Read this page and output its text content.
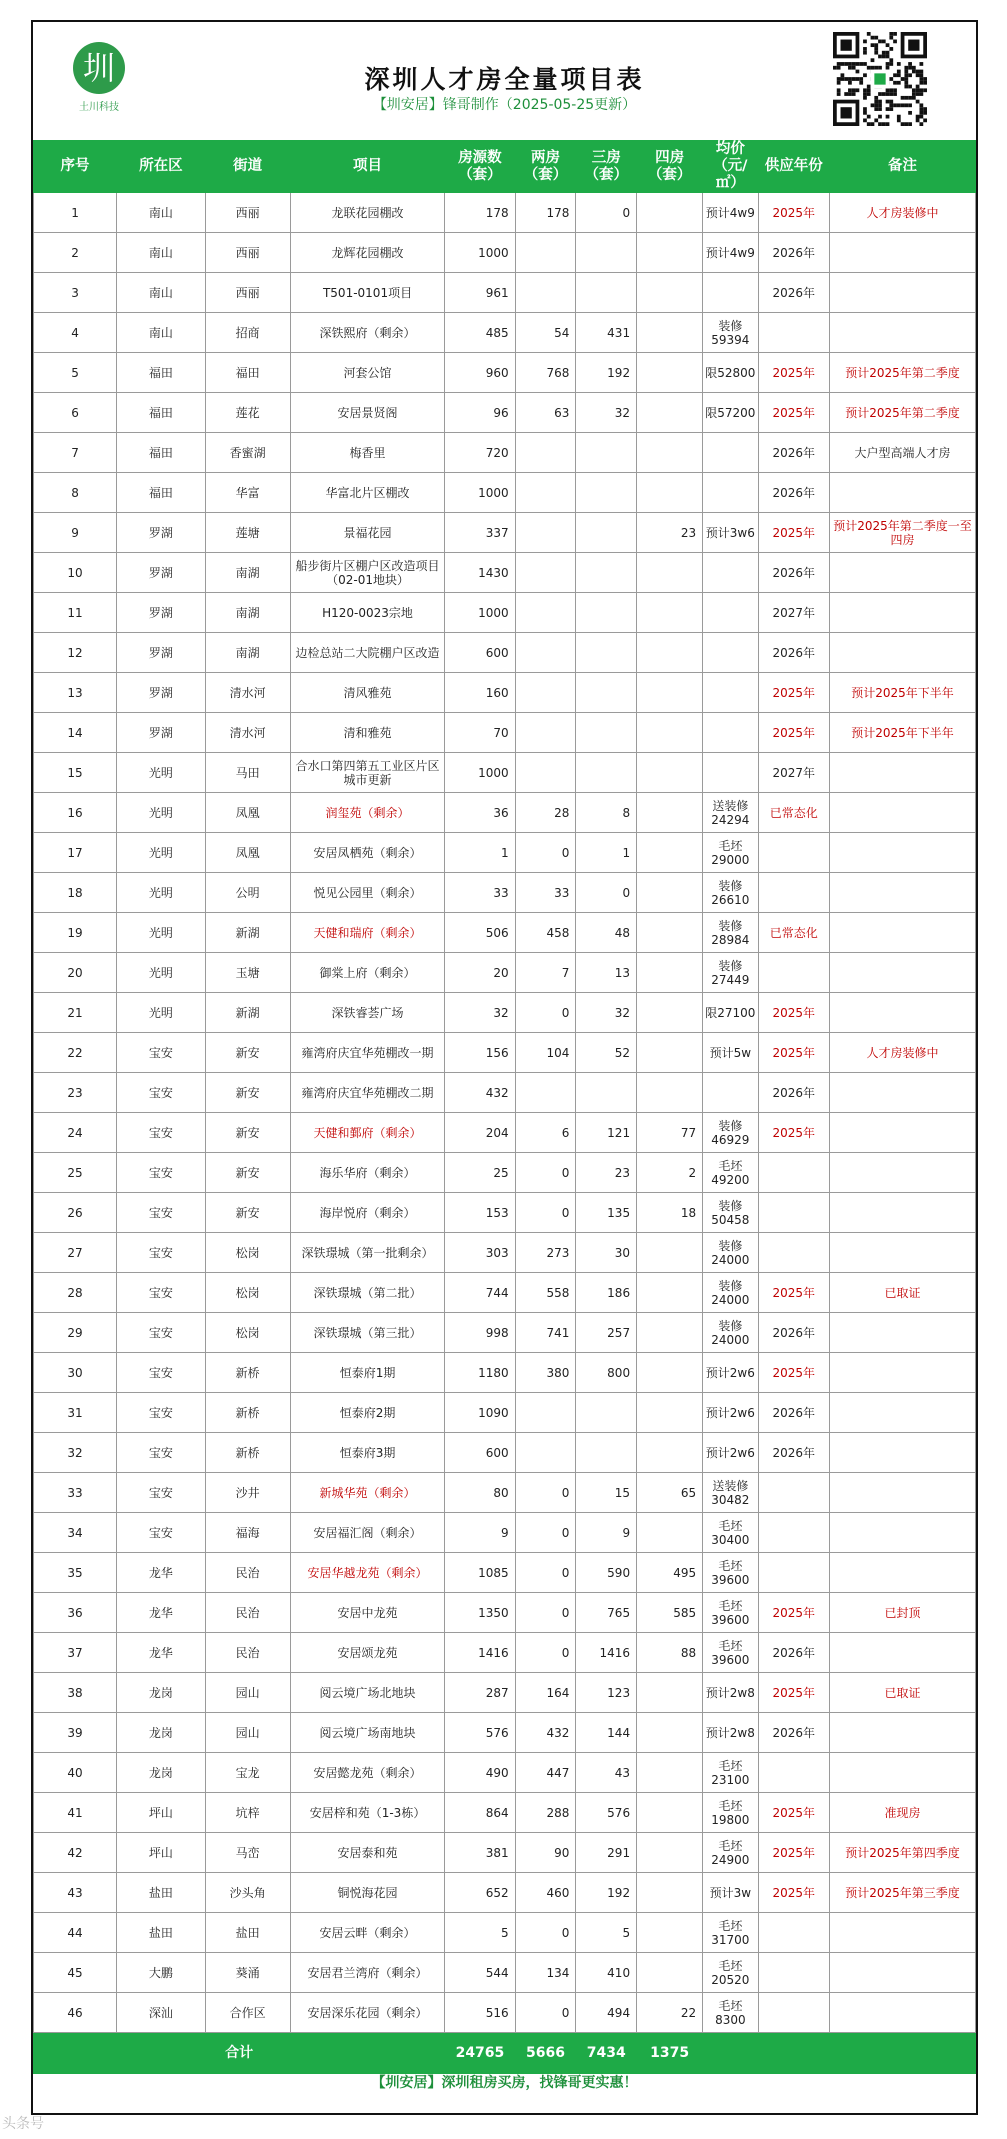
圳
土川科技
深圳人才房全量项目表
【圳安居】锋哥制作（2025-05-25更新）
序号	所在区	街道	项目	房源数（套）	两房（套）	三房（套）	四房（套）	均价（元/㎡）	供应年份	备注
1	南山	西丽	龙联花园棚改	178	178	0		预计4w9	2025年	人才房装修中
2	南山	西丽	龙辉花园棚改	1000				预计4w9	2026年	
3	南山	西丽	T501-0101项目	961					2026年	
4	南山	招商	深铁熙府（剩余）	485	54	431		装修59394		
5	福田	福田	河套公馆	960	768	192		限52800	2025年	预计2025年第二季度
6	福田	莲花	安居景贤阁	96	63	32		限57200	2025年	预计2025年第二季度
7	福田	香蜜湖	梅香里	720					2026年	大户型高端人才房
8	福田	华富	华富北片区棚改	1000					2026年	
9	罗湖	莲塘	景福花园	337			23	预计3w6	2025年	预计2025年第二季度一至四房
10	罗湖	南湖	船步街片区棚户区改造项目（02-01地块）	1430					2026年	
11	罗湖	南湖	H120-0023宗地	1000					2027年	
12	罗湖	南湖	边检总站二大院棚户区改造	600					2026年	
13	罗湖	清水河	清风雅苑	160					2025年	预计2025年下半年
14	罗湖	清水河	清和雅苑	70					2025年	预计2025年下半年
15	光明	马田	合水口第四第五工业区片区城市更新	1000					2027年	
16	光明	凤凰	润玺苑（剩余）	36	28	8		送装修24294	已常态化	
17	光明	凤凰	安居凤栖苑（剩余）	1	0	1		毛坯29000		
18	光明	公明	悦见公园里（剩余）	33	33	0		装修26610		
19	光明	新湖	天健和瑞府（剩余）	506	458	48		装修28984	已常态化	
20	光明	玉塘	御棠上府（剩余）	20	7	13		装修27449		
21	光明	新湖	深铁睿荟广场	32	0	32		限27100	2025年	
22	宝安	新安	雍湾府庆宜华苑棚改一期	156	104	52		预计5w	2025年	人才房装修中
23	宝安	新安	雍湾府庆宜华苑棚改二期	432					2026年	
24	宝安	新安	天健和鄞府（剩余）	204	6	121	77	装修46929	2025年	
25	宝安	新安	海乐华府（剩余）	25	0	23	2	毛坯49200		
26	宝安	新安	海岸悦府（剩余）	153	0	135	18	装修50458		
27	宝安	松岗	深铁璟城（第一批剩余）	303	273	30		装修24000		
28	宝安	松岗	深铁璟城（第二批）	744	558	186		装修24000	2025年	已取证
29	宝安	松岗	深铁璟城（第三批）	998	741	257		装修24000	2026年	
30	宝安	新桥	恒泰府1期	1180	380	800		预计2w6	2025年	
31	宝安	新桥	恒泰府2期	1090				预计2w6	2026年	
32	宝安	新桥	恒泰府3期	600				预计2w6	2026年	
33	宝安	沙井	新城华苑（剩余）	80	0	15	65	送装修30482		
34	宝安	福海	安居福汇阁（剩余）	9	0	9		毛坯30400		
35	龙华	民治	安居华越龙苑（剩余）	1085	0	590	495	毛坯39600		
36	龙华	民治	安居中龙苑	1350	0	765	585	毛坯39600	2025年	已封顶
37	龙华	民治	安居颂龙苑	1416	0	1416	88	毛坯39600	2026年	
38	龙岗	园山	阅云境广场北地块	287	164	123		预计2w8	2025年	已取证
39	龙岗	园山	阅云境广场南地块	576	432	144		预计2w8	2026年	
40	龙岗	宝龙	安居懿龙苑（剩余）	490	447	43		毛坯23100		
41	坪山	坑梓	安居梓和苑（1-3栋）	864	288	576		毛坯19800	2025年	准现房
42	坪山	马峦	安居泰和苑	381	90	291		毛坯24900	2025年	预计2025年第四季度
43	盐田	沙头角	铜悦海花园	652	460	192		预计3w	2025年	预计2025年第三季度
44	盐田	盐田	安居云畔（剩余）	5	0	5		毛坯31700		
45	大鹏	葵涌	安居君兰湾府（剩余）	544	134	410		毛坯20520		
46	深汕	合作区	安居深乐花园（剩余）	516	0	494	22	毛坯8300		
合计				24765	5666	7434	1375			
【圳安居】深圳租房买房，找锋哥更实惠！
头条号
